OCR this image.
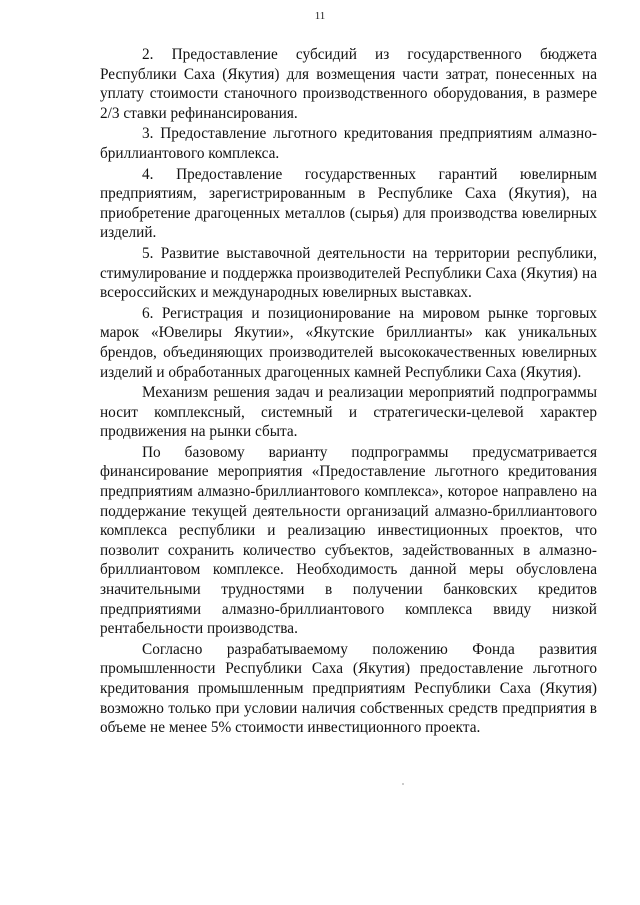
11

2. Предоставление субсидий из государственного бюджета Республики Саха (Якутия) для возмещения части затрат, понесенных на уплату стоимости станочного производственного оборудования, в размере 2/3 ставки рефинансирования.

3. Предоставление льготного кредитования предприятиям алмазно-бриллиантового комплекса.

4. Предоставление государственных гарантий ювелирным предприятиям, зарегистрированным в Республике Саха (Якутия), на приобретение драгоценных металлов (сырья) для производства ювелирных изделий.

5. Развитие выставочной деятельности на территории республики, стимулирование и поддержка производителей Республики Саха (Якутия) на всероссийских и международных ювелирных выставках.

6. Регистрация и позиционирование на мировом рынке торговых марок «Ювелиры Якутии», «Якутские бриллианты» как уникальных брендов, объединяющих производителей высококачественных ювелирных изделий и обработанных драгоценных камней Республики Саха (Якутия).

Механизм решения задач и реализации мероприятий подпрограммы носит комплексный, системный и стратегически-целевой характер продвижения на рынки сбыта.

По базовому варианту подпрограммы предусматривается финансирование мероприятия «Предоставление льготного кредитования предприятиям алмазно-бриллиантового комплекса», которое направлено на поддержание текущей деятельности организаций алмазно-бриллиантового комплекса республики и реализацию инвестиционных проектов, что позволит сохранить количество субъектов, задействованных в алмазно-бриллиантовом комплексе. Необходимость данной меры обусловлена значительными трудностями в получении банковских кредитов предприятиями алмазно-бриллиантового комплекса ввиду низкой рентабельности производства.

Согласно разрабатываемому положению Фонда развития промышленности Республики Саха (Якутия) предоставление льготного кредитования промышленным предприятиям Республики Саха (Якутия) возможно только при условии наличия собственных средств предприятия в объеме не менее 5% стоимости инвестиционного проекта.
